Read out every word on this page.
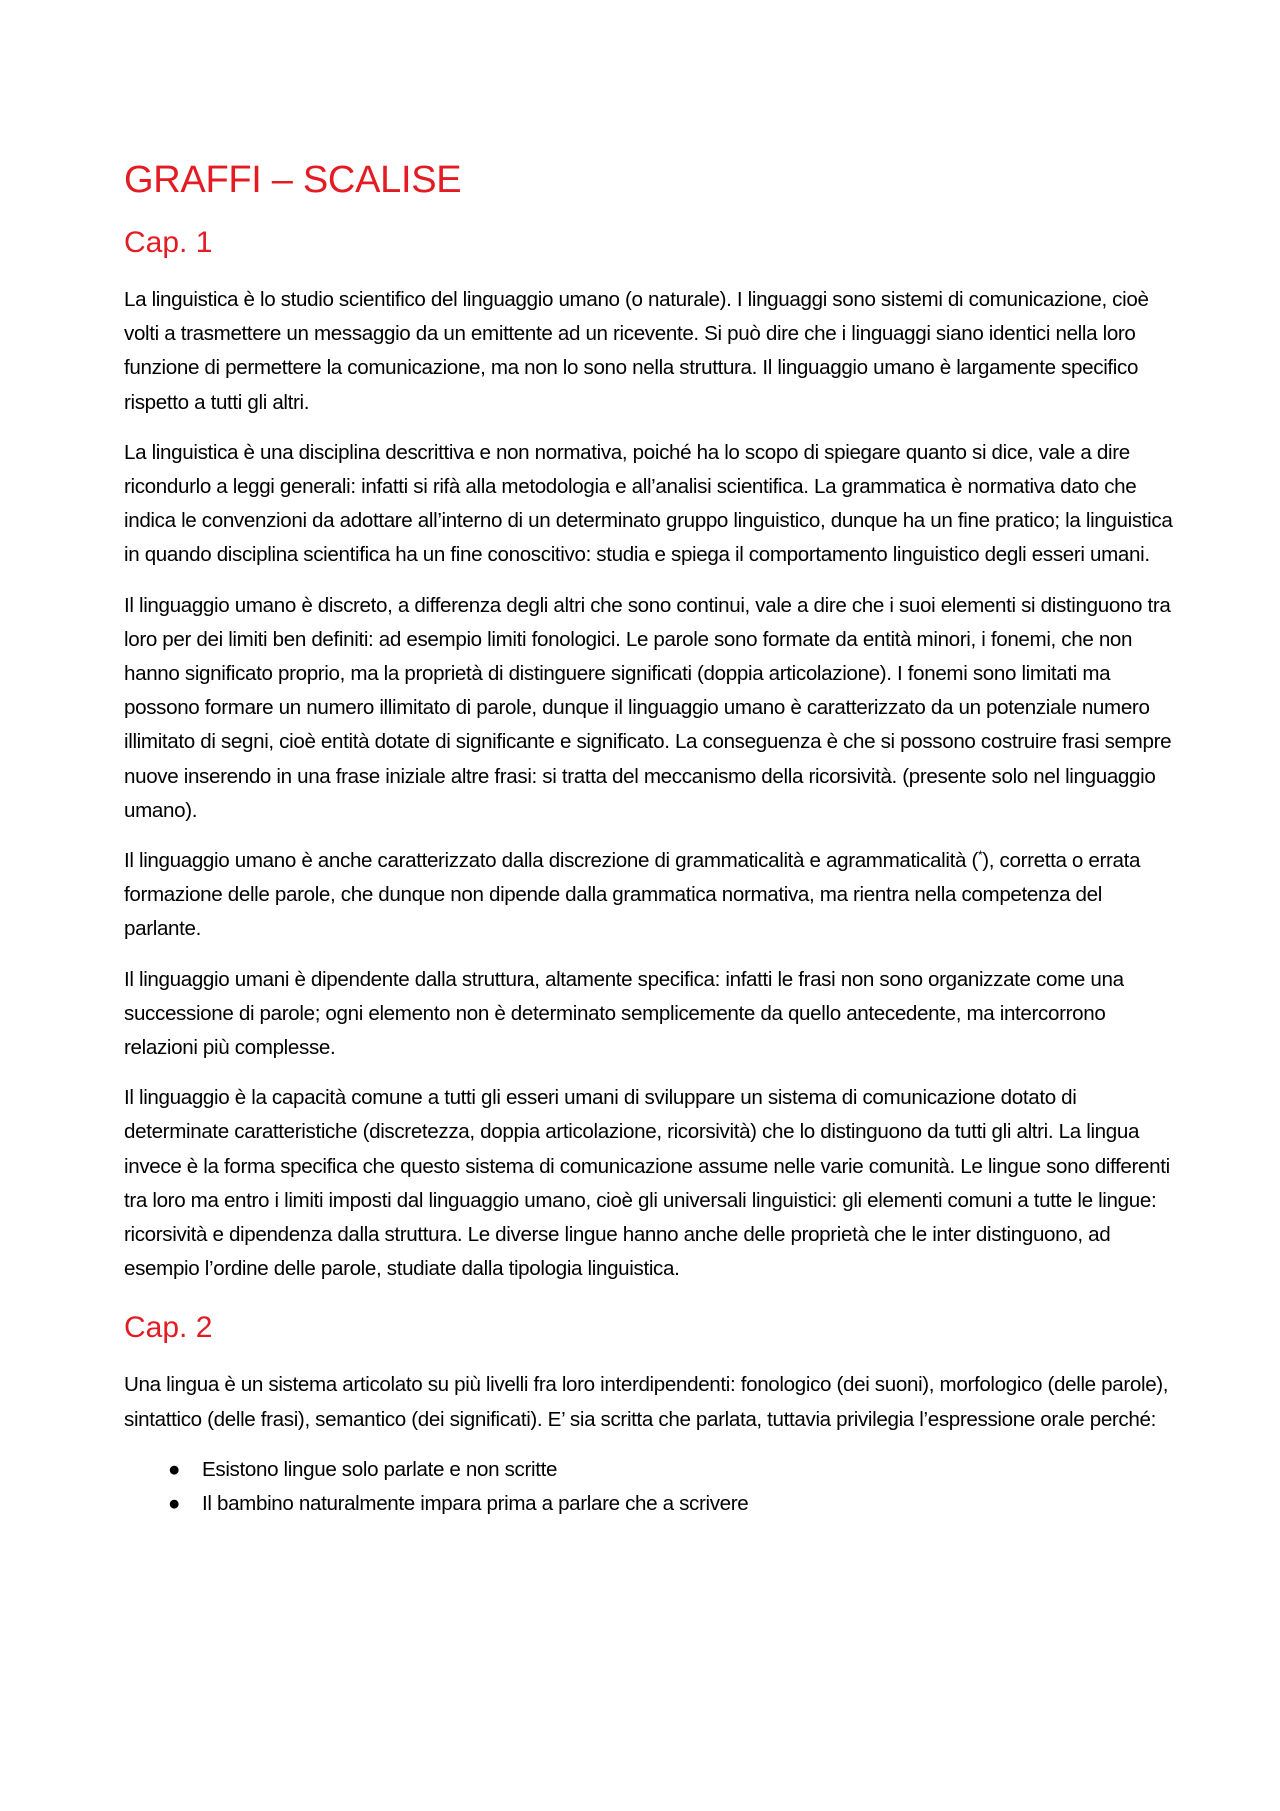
GRAFFI – SCALISE
Cap. 1

La linguistica è lo studio scientifico del linguaggio umano (o naturale). I linguaggi sono sistemi di comunicazione, cioè volti a trasmettere un messaggio da un emittente ad un ricevente. Si può dire che i linguaggi siano identici nella loro funzione di permettere la comunicazione, ma non lo sono nella struttura. Il linguaggio umano è largamente specifico rispetto a tutti gli altri.

La linguistica è una disciplina descrittiva e non normativa, poiché ha lo scopo di spiegare quanto si dice, vale a dire ricondurlo a leggi generali: infatti si rifà alla metodologia e all’analisi scientifica. La grammatica è normativa dato che indica le convenzioni da adottare all’interno di un determinato gruppo linguistico, dunque ha un fine pratico; la linguistica in quando disciplina scientifica ha un fine conoscitivo: studia e spiega il comportamento linguistico degli esseri umani.

Il linguaggio umano è discreto, a differenza degli altri che sono continui, vale a dire che i suoi elementi si distinguono tra loro per dei limiti ben definiti: ad esempio limiti fonologici. Le parole sono formate da entità minori, i fonemi, che non hanno significato proprio, ma la proprietà di distinguere significati (doppia articolazione). I fonemi sono limitati ma possono formare un numero illimitato di parole, dunque il linguaggio umano è caratterizzato da un potenziale numero illimitato di segni, cioè entità dotate di significante e significato. La conseguenza è che si possono costruire frasi sempre nuove inserendo in una frase iniziale altre frasi: si tratta del meccanismo della ricorsività. (presente solo nel linguaggio umano).

Il linguaggio umano è anche caratterizzato dalla discrezione di grammaticalità e agrammaticalità (*), corretta o errata formazione delle parole, che dunque non dipende dalla grammatica normativa, ma rientra nella competenza del parlante.

Il linguaggio umani è dipendente dalla struttura, altamente specifica: infatti le frasi non sono organizzate come una successione di parole; ogni elemento non è determinato semplicemente da quello antecedente, ma intercorrono relazioni più complesse.

Il linguaggio è la capacità comune a tutti gli esseri umani di sviluppare un sistema di comunicazione dotato di determinate caratteristiche (discretezza, doppia articolazione, ricorsività) che lo distinguono da tutti gli altri. La lingua invece è la forma specifica che questo sistema di comunicazione assume nelle varie comunità. Le lingue sono differenti tra loro ma entro i limiti imposti dal linguaggio umano, cioè gli universali linguistici: gli elementi comuni a tutte le lingue: ricorsività e dipendenza dalla struttura. Le diverse lingue hanno anche delle proprietà che le inter distinguono, ad esempio l’ordine delle parole, studiate dalla tipologia linguistica.

Cap. 2

Una lingua è un sistema articolato su più livelli fra loro interdipendenti: fonologico (dei suoni), morfologico (delle parole), sintattico (delle frasi), semantico (dei significati). E’ sia scritta che parlata, tuttavia privilegia l’espressione orale perché:

● Esistono lingue solo parlate e non scritte
● Il bambino naturalmente impara prima a parlare che a scrivere
